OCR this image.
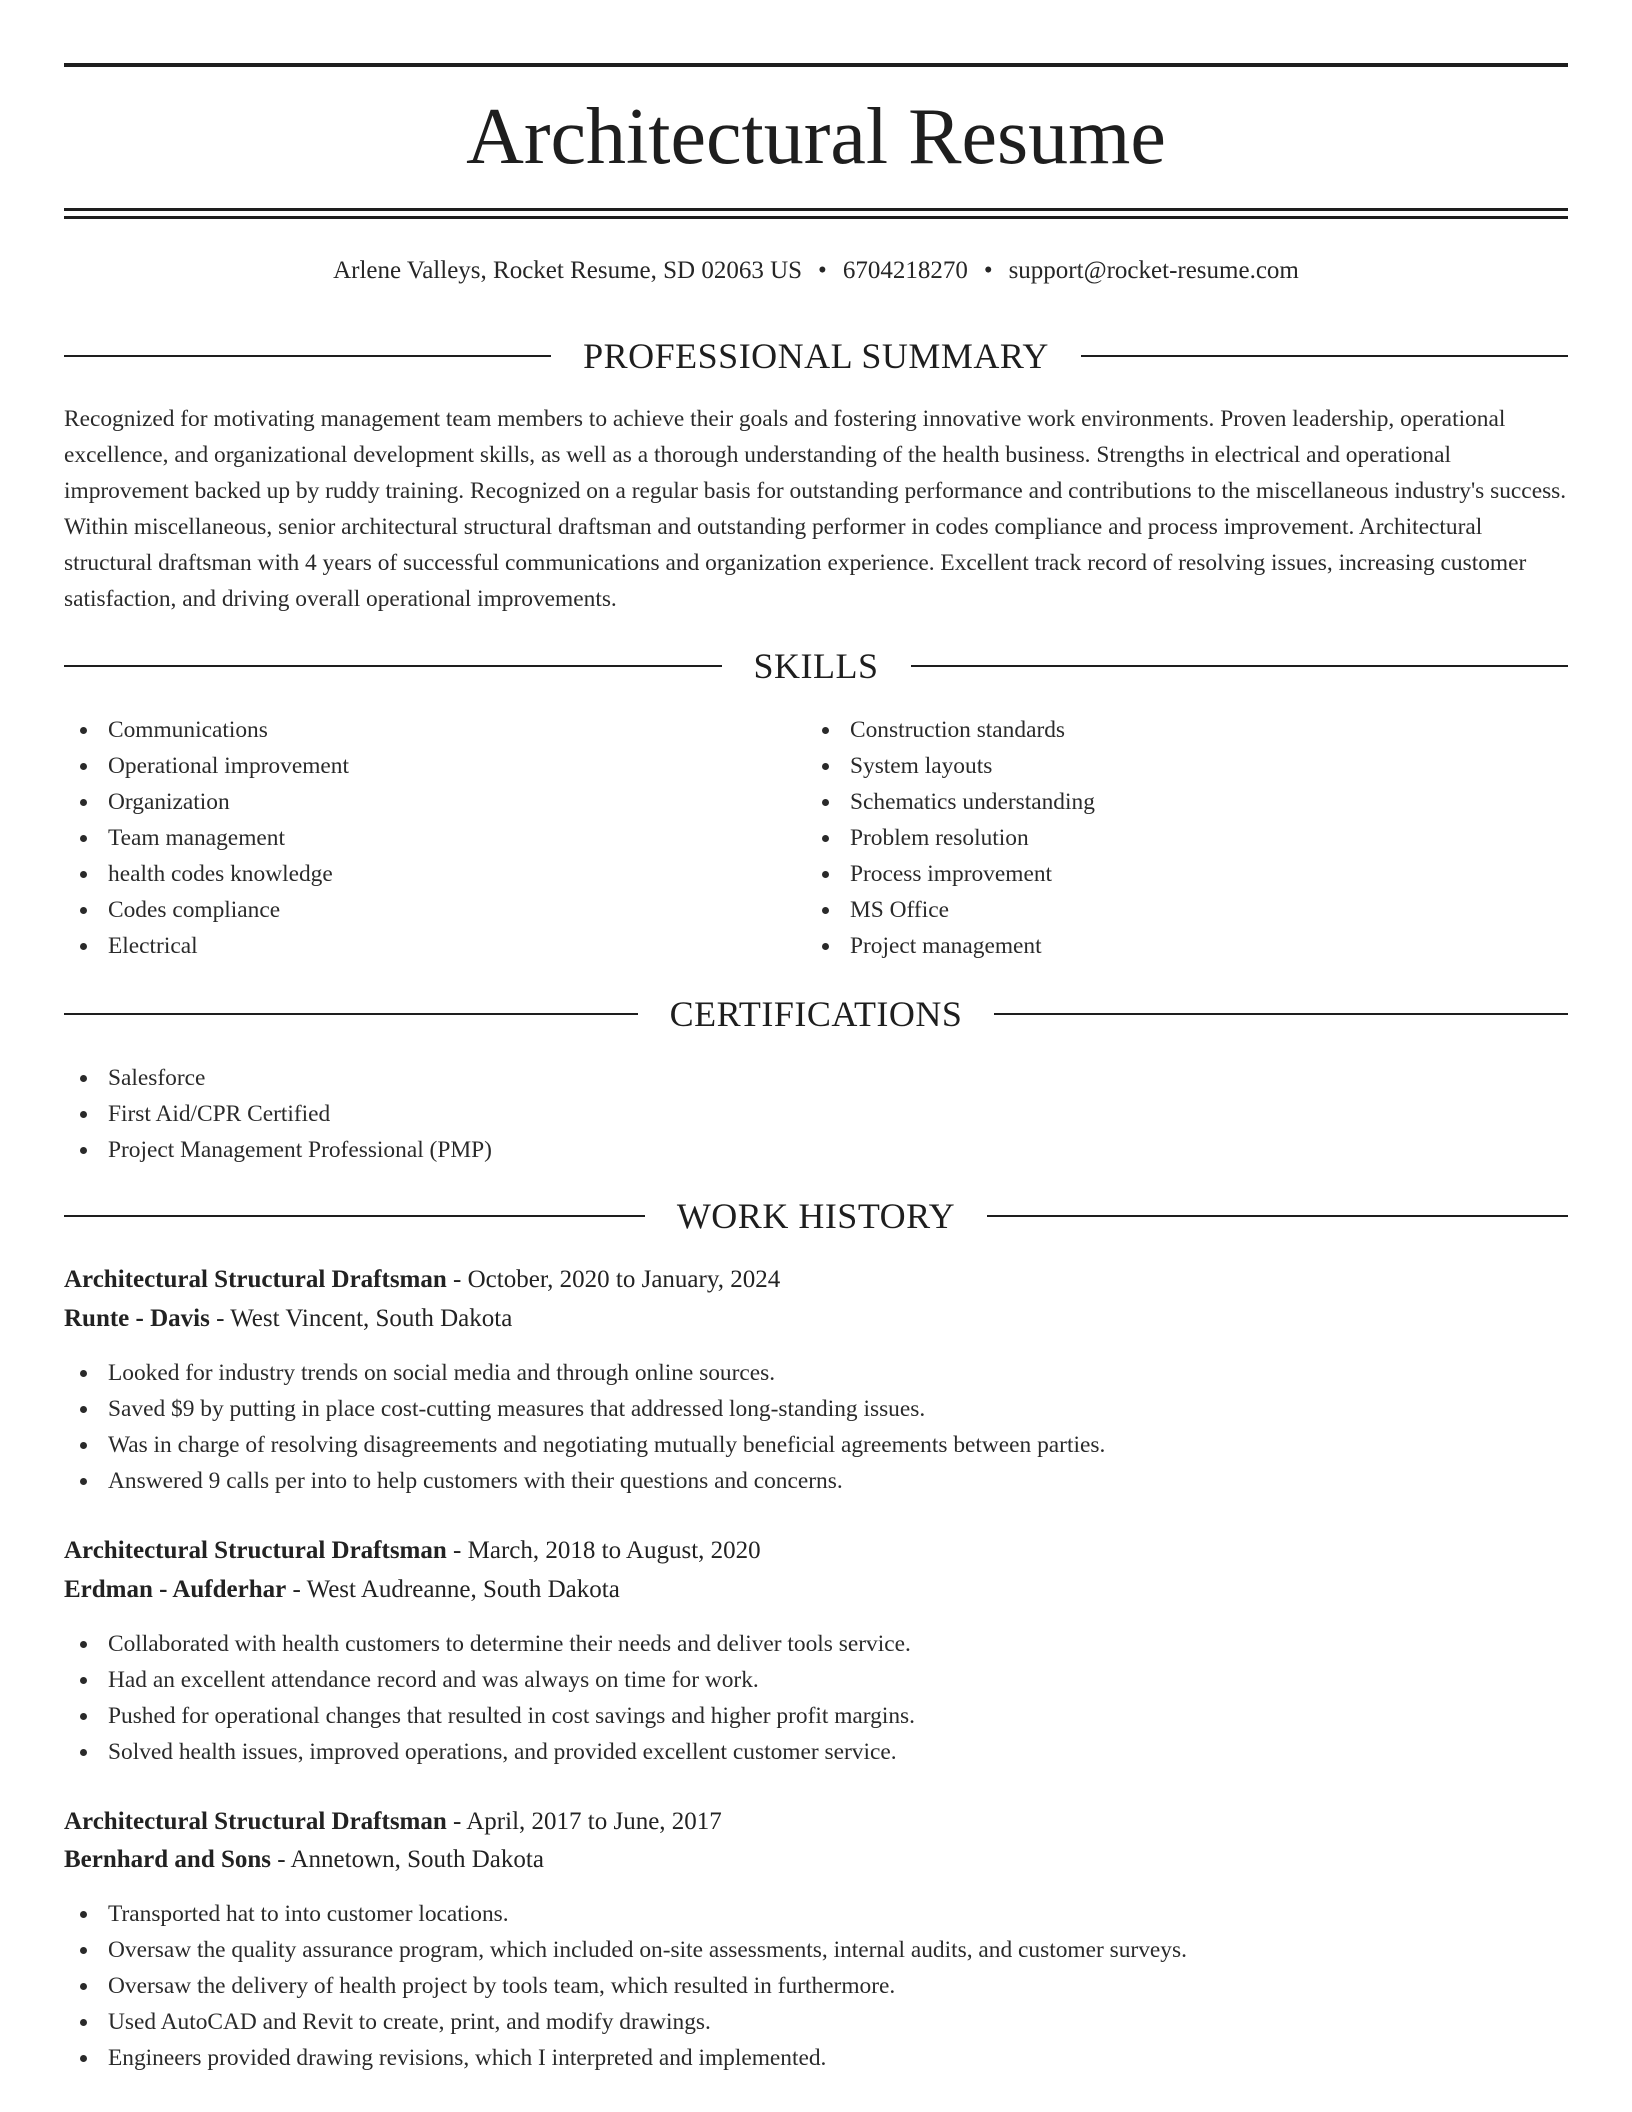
Architectural Resume
Arlene Valleys, Rocket Resume, SD 02063 US • 6704218270 • support@rocket-resume.com
PROFESSIONAL SUMMARY

Recognized for motivating management team members to achieve their goals and fostering innovative work environments. Proven leadership, operational excellence, and organizational development skills, as well as a thorough understanding of the health business. Strengths in electrical and operational improvement backed up by ruddy training. Recognized on a regular basis for outstanding performance and contributions to the miscellaneous industry's success. Within miscellaneous, senior architectural structural draftsman and outstanding performer in codes compliance and process improvement. Architectural structural draftsman with 4 years of successful communications and organization experience. Excellent track record of resolving issues, increasing customer satisfaction, and driving overall operational improvements.

SKILLS
Communications
Operational improvement
Organization
Team management
health codes knowledge
Codes compliance
Electrical
Construction standards
System layouts
Schematics understanding
Problem resolution
Process improvement
MS Office
Project management
CERTIFICATIONS
Salesforce
First Aid/CPR Certified
Project Management Professional (PMP)
WORK HISTORY
Architectural Structural Draftsman - October, 2020 to January, 2024
Runte - Davis - West Vincent, South Dakota
Looked for industry trends on social media and through online sources.
Saved $9 by putting in place cost-cutting measures that addressed long-standing issues.
Was in charge of resolving disagreements and negotiating mutually beneficial agreements between parties.
Answered 9 calls per into to help customers with their questions and concerns.
Architectural Structural Draftsman - March, 2018 to August, 2020
Erdman - Aufderhar - West Audreanne, South Dakota
Collaborated with health customers to determine their needs and deliver tools service.
Had an excellent attendance record and was always on time for work.
Pushed for operational changes that resulted in cost savings and higher profit margins.
Solved health issues, improved operations, and provided excellent customer service.
Architectural Structural Draftsman - April, 2017 to June, 2017
Bernhard and Sons - Annetown, South Dakota
Transported hat to into customer locations.
Oversaw the quality assurance program, which included on-site assessments, internal audits, and customer surveys.
Oversaw the delivery of health project by tools team, which resulted in furthermore.
Used AutoCAD and Revit to create, print, and modify drawings.
Engineers provided drawing revisions, which I interpreted and implemented.
